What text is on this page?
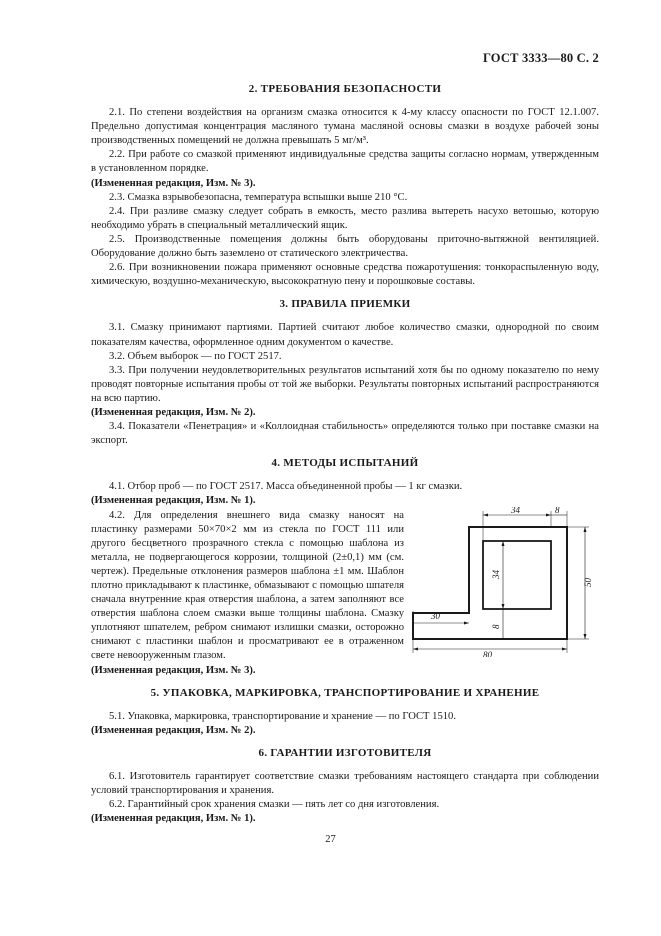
ГОСТ 3333—80 С. 2
2. ТРЕБОВАНИЯ БЕЗОПАСНОСТИ

2.1. По степени воздействия на организм смазка относится к 4-му классу опасности по ГОСТ 12.1.007. Предельно допустимая концентрация масляного тумана масляной основы смазки в воздухе рабочей зоны производственных помещений не должна превышать 5 мг/м³.

2.2. При работе со смазкой применяют индивидуальные средства защиты согласно нормам, утвержденным в установленном порядке.

(Измененная редакция, Изм. № 3).

2.3. Смазка взрывобезопасна, температура вспышки выше 210 °С.

2.4. При разливе смазку следует собрать в емкость, место разлива вытереть насухо ветошью, которую необходимо убрать в специальный металлический ящик.

2.5. Производственные помещения должны быть оборудованы приточно-вытяжной вентиляцией. Оборудование должно быть заземлено от статического электричества.

2.6. При возникновении пожара применяют основные средства пожаротушения: тонкораспыленную воду, химическую, воздушно-механическую, высокократную пену и порошковые составы.

3. ПРАВИЛА ПРИЕМКИ

3.1. Смазку принимают партиями. Партией считают любое количество смазки, однородной по своим показателям качества, оформленное одним документом о качестве.

3.2. Объем выборок — по ГОСТ 2517.

3.3. При получении неудовлетворительных результатов испытаний хотя бы по одному показателю по нему проводят повторные испытания пробы от той же выборки. Результаты повторных испытаний распространяются на всю партию.

(Измененная редакция, Изм. № 2).

3.4. Показатели «Пенетрация» и «Коллоидная стабильность» определяются только при поставке смазки на экспорт.

4. МЕТОДЫ ИСПЫТАНИЙ

4.1. Отбор проб — по ГОСТ 2517. Масса объединенной пробы — 1 кг смазки.

(Измененная редакция, Изм. № 1).

4.2. Для определения внешнего вида смазку наносят на пластинку размерами 50×70×2 мм из стекла по ГОСТ 111 или другого бесцветного прозрачного стекла с помощью шаблона из металла, не подвергающегося коррозии, толщиной (2±0,1) мм (см. чертеж). Предельные отклонения размеров шаблона ±1 мм. Шаблон плотно прикладывают к пластинке, обмазывают с помощью шпателя сначала внутренние края отверстия шаблона, а затем заполняют все отверстия шаблона слоем смазки выше толщины шаблона. Смазку уплотняют шпателем, ребром снимают излишки смазки, осторожно снимают с пластинки шаблон и просматривают ее в отраженном свете невооруженным глазом.

34	8
50
34
8
30
80

(Измененная редакция, Изм. № 3).

5. УПАКОВКА, МАРКИРОВКА, ТРАНСПОРТИРОВАНИЕ И ХРАНЕНИЕ

5.1. Упаковка, маркировка, транспортирование и хранение — по ГОСТ 1510.

(Измененная редакция, Изм. № 2).

6. ГАРАНТИИ ИЗГОТОВИТЕЛЯ

6.1. Изготовитель гарантирует соответствие смазки требованиям настоящего стандарта при соблюдении условий транспортирования и хранения.

6.2. Гарантийный срок хранения смазки — пять лет со дня изготовления.

(Измененная редакция, Изм. № 1).

27
